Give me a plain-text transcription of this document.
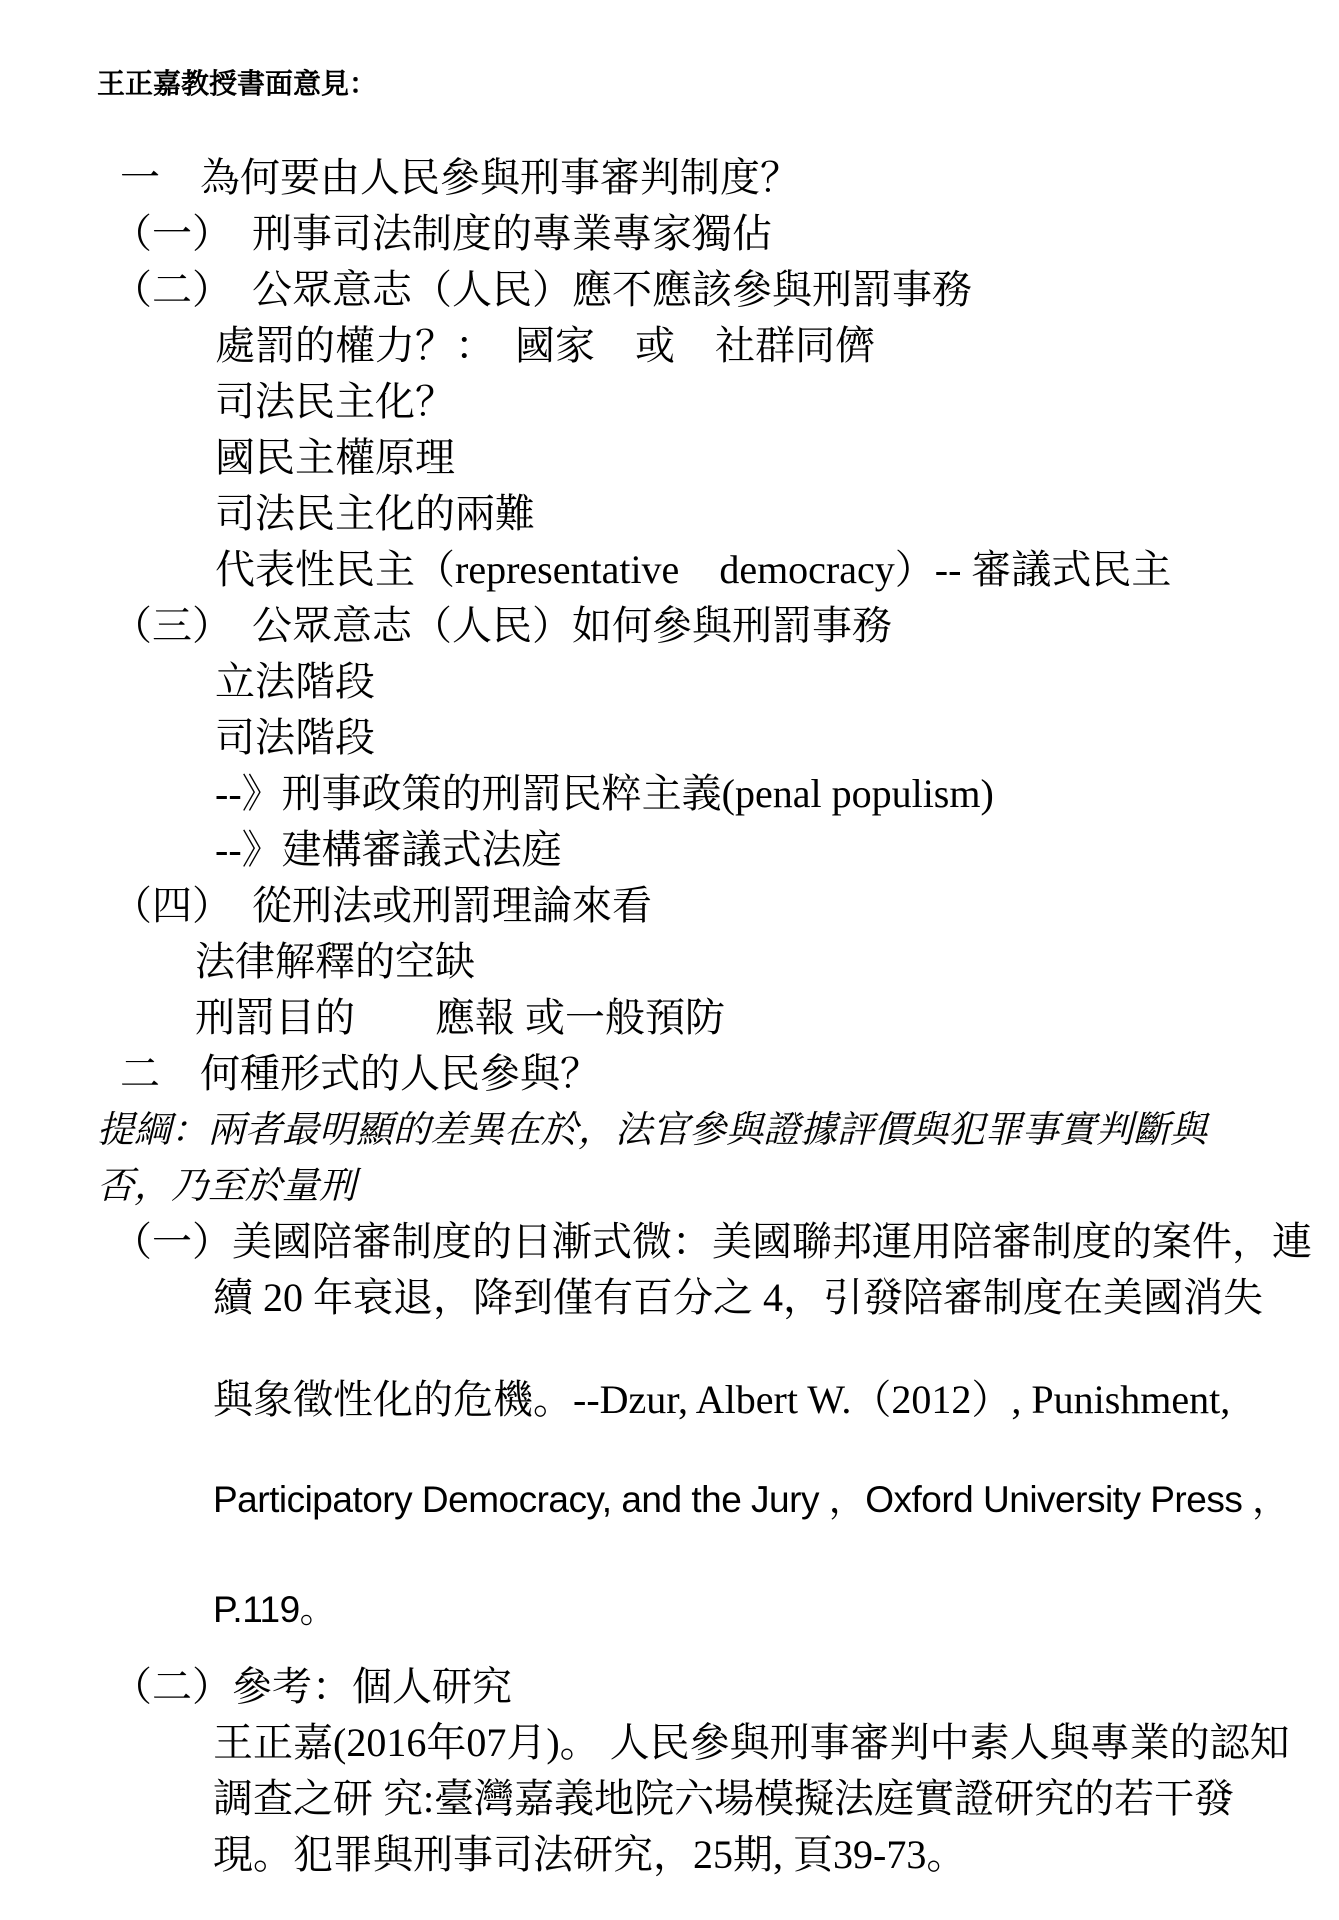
王正嘉教授書面意見：
一　為何要由人民參與刑事審判制度？
（一）　刑事司法制度的專業專家獨佔
（二）　公眾意志（人民）應不應該參與刑罰事務
處罰的權力？：　國家　或　社群同儕
司法民主化？
國民主權原理
司法民主化的兩難
代表性民主（representative　democracy）-- 審議式民主
（三）　公眾意志（人民）如何參與刑罰事務
立法階段
司法階段
--》刑事政策的刑罰民粹主義(penal populism)
--》建構審議式法庭
（四）　從刑法或刑罰理論來看
法律解釋的空缺
刑罰目的　　應報 或一般預防
二　何種形式的人民參與？
提綱：兩者最明顯的差異在於，法官參與證據評價與犯罪事實判斷與
否，乃至於量刑
（一）美國陪審制度的日漸式微：美國聯邦運用陪審制度的案件，連
續 20 年衰退，降到僅有百分之 4，引發陪審制度在美國消失
與象徵性化的危機。--Dzur, Albert W.（2012）, Punishment,
Participatory Democracy, and the Jury ，Oxford University Press ，
P.119。
（二）參考：個人研究
王正嘉(2016年07月)。 人民參與刑事審判中素人與專業的認知
調查之研 究:臺灣嘉義地院六場模擬法庭實證研究的若干發
現。犯罪與刑事司法研究，25期, 頁39-73。
